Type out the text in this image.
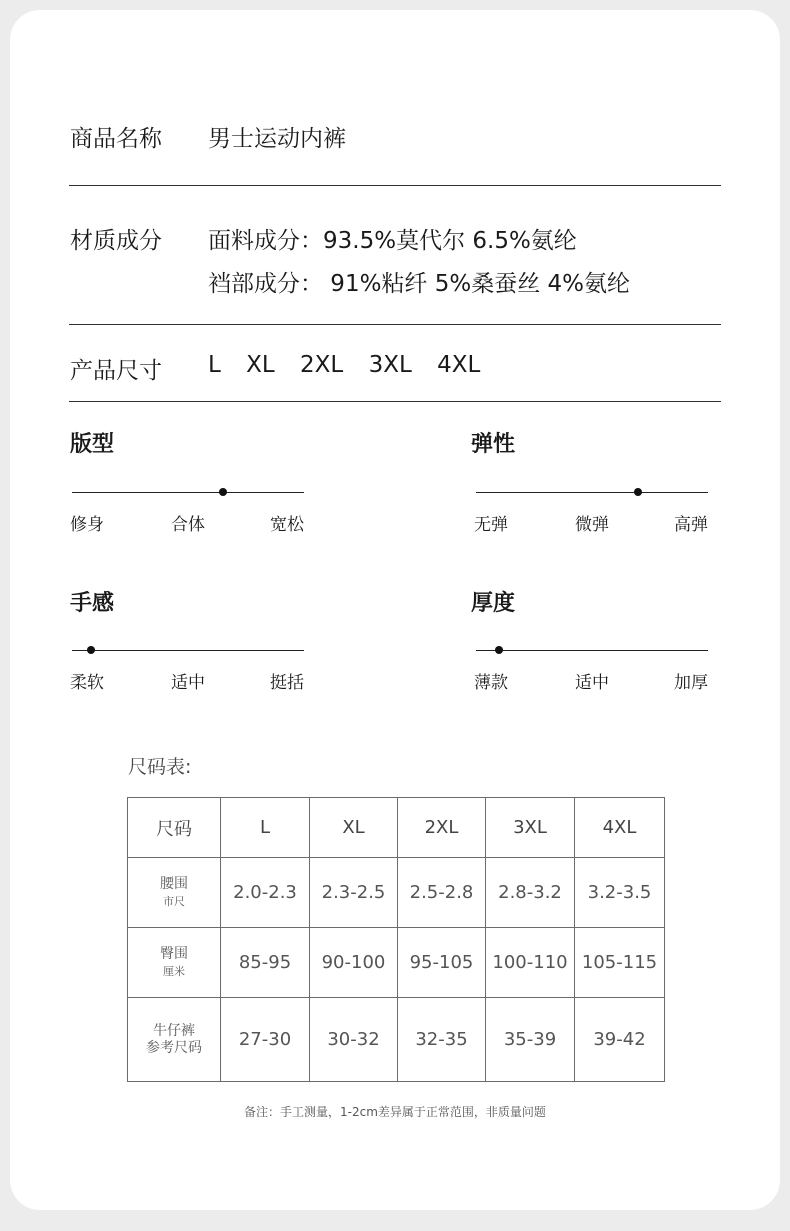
商品名称 男士运动内裤
材质成分 面料成分：93.5%莫代尔 6.5%氨纶
裆部成分： 91%粘纤 5%桑蚕丝 4%氨纶
产品尺寸 L XL 2XL 3XL 4XL
版型
修身	合体	宽松
弹性
无弹	微弹	高弹
手感
柔软	适中	挺括
厚度
薄款	适中	加厚
尺码表:
尺码	L	XL	2XL	3XL	4XL

腰围
市尺	2.0-2.3	2.3-2.5	2.5-2.8	2.8-3.2	3.2-3.5

臀围
厘米	85-95	90-100	95-105	100-110	105-115

牛仔裤
参考尺码	27-30	30-32	32-35	35-39	39-42
备注：手工测量，1-2cm差异属于正常范围，非质量问题
